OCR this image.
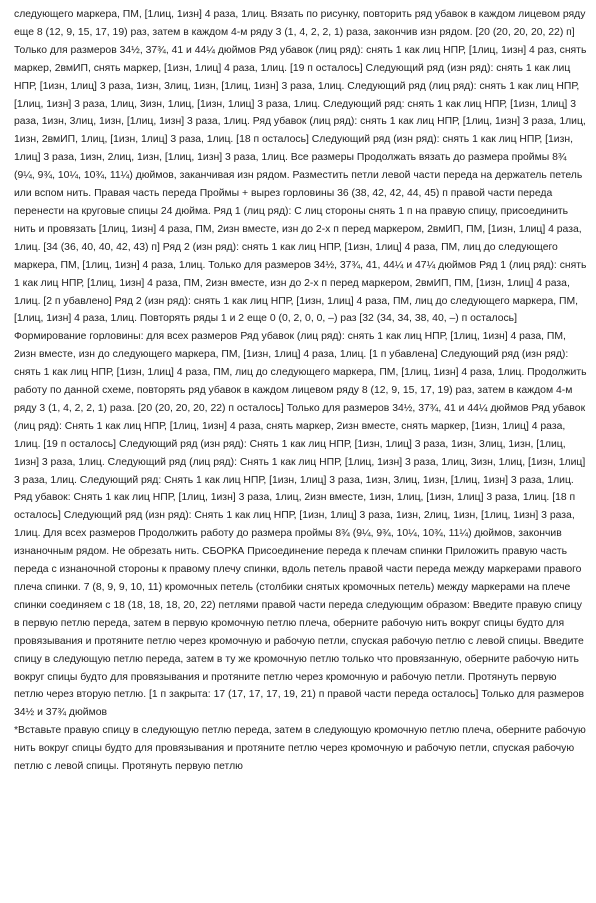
следующего маркера, ПМ, [1лиц, 1изн] 4 раза, 1лиц. Вязать по рисунку, повторить ряд убавок в каждом лицевом ряду еще 8 (12, 9, 15, 17, 19) раз, затем в каждом 4-м ряду 3 (1, 4, 2, 2, 1) раза, закончив изн рядом. [20 (20, 20, 20, 22) п] Только для размеров 34½, 37¾, 41 и 44¼ дюймов Ряд убавок (лиц ряд): снять 1 как лиц НПР, [1лиц, 1изн] 4 раз, снять маркер, 2вмИП, снять маркер, [1изн, 1лиц] 4 раза, 1лиц. [19 п осталось] Следующий ряд (изн ряд): снять 1 как лиц НПР, [1изн, 1лиц] 3 раза, 1изн, 3лиц, 1изн, [1лиц, 1изн] 3 раза, 1лиц. Следующий ряд (лиц ряд): снять 1 как лиц НПР, [1лиц, 1изн] 3 раза, 1лиц, 3изн, 1лиц, [1изн, 1лиц] 3 раза, 1лиц. Следующий ряд: снять 1 как лиц НПР, [1изн, 1лиц] 3 раза, 1изн, 3лиц, 1изн, [1лиц, 1изн] 3 раза, 1лиц. Ряд убавок (лиц ряд): снять 1 как лиц НПР, [1лиц, 1изн] 3 раза, 1лиц, 1изн, 2вмИП, 1лиц, [1изн, 1лиц] 3 раза, 1лиц. [18 п осталось] Следующий ряд (изн ряд): снять 1 как лиц НПР, [1изн, 1лиц] 3 раза, 1изн, 2лиц, 1изн, [1лиц, 1изн] 3 раза, 1лиц. Все размеры Продолжать вязать до размера проймы 8¾ (9¼, 9¾, 10¼, 10¾, 11¼) дюймов, заканчивая изн рядом. Разместить петли левой части переда на держатель петель или вспом нить. Правая часть переда Проймы + вырез горловины 36 (38, 42, 42, 44, 45) п правой части переда перенести на круговые спицы 24 дюйма. Ряд 1 (лиц ряд): С лиц стороны снять 1 п на правую спицу, присоединить нить и провязать [1лиц, 1изн] 4 раза, ПМ, 2изн вместе, изн до 2-х п перед маркером, 2вмИП, ПМ, [1изн, 1лиц] 4 раза, 1лиц. [34 (36, 40, 40, 42, 43) п] Ряд 2 (изн ряд): снять 1 как лиц НПР, [1изн, 1лиц] 4 раза, ПМ, лиц до следующего маркера, ПМ, [1лиц, 1изн] 4 раза, 1лиц. Только для размеров 34½, 37¾, 41, 44¼ и 47¼ дюймов Ряд 1 (лиц ряд): снять 1 как лиц НПР, [1лиц, 1изн] 4 раза, ПМ, 2изн вместе, изн до 2-х п перед маркером, 2вмИП, ПМ, [1изн, 1лиц] 4 раза, 1лиц. [2 п убавлено] Ряд 2 (изн ряд): снять 1 как лиц НПР, [1изн, 1лиц] 4 раза, ПМ, лиц до следующего маркера, ПМ, [1лиц, 1изн] 4 раза, 1лиц. Повторять ряды 1 и 2 еще 0 (0, 2, 0, 0, –) раз [32 (34, 34, 38, 40, –) п осталось] Формирование горловины: для всех размеров Ряд убавок (лиц ряд): снять 1 как лиц НПР, [1лиц, 1изн] 4 раза, ПМ, 2изн вместе, изн до следующего маркера, ПМ, [1изн, 1лиц] 4 раза, 1лиц. [1 п убавлена] Следующий ряд (изн ряд): снять 1 как лиц НПР, [1изн, 1лиц] 4 раза, ПМ, лиц до следующего маркера, ПМ, [1лиц, 1изн] 4 раза, 1лиц. Продолжить работу по данной схеме, повторять ряд убавок в каждом лицевом ряду 8 (12, 9, 15, 17, 19) раз, затем в каждом 4-м ряду 3 (1, 4, 2, 2, 1) раза. [20 (20, 20, 20, 22) п осталось] Только для размеров 34½, 37¾, 41 и 44¼ дюймов Ряд убавок (лиц ряд): Снять 1 как лиц НПР, [1лиц, 1изн] 4 раза, снять маркер, 2изн вместе, снять маркер, [1изн, 1лиц] 4 раза, 1лиц. [19 п осталось] Следующий ряд (изн ряд): Снять 1 как лиц НПР, [1изн, 1лиц] 3 раза, 1изн, 3лиц, 1изн, [1лиц, 1изн] 3 раза, 1лиц. Следующий ряд (лиц ряд): Снять 1 как лиц НПР, [1лиц, 1изн] 3 раза, 1лиц, 3изн, 1лиц, [1изн, 1лиц] 3 раза, 1лиц. Следующий ряд: Снять 1 как лиц НПР, [1изн, 1лиц] 3 раза, 1изн, 3лиц, 1изн, [1лиц, 1изн] 3 раза, 1лиц. Ряд убавок: Снять 1 как лиц НПР, [1лиц, 1изн] 3 раза, 1лиц, 2изн вместе, 1изн, 1лиц, [1изн, 1лиц] 3 раза, 1лиц. [18 п осталось] Следующий ряд (изн ряд): Снять 1 как лиц НПР, [1изн, 1лиц] 3 раза, 1изн, 2лиц, 1изн, [1лиц, 1изн] 3 раза, 1лиц. Для всех размеров Продолжить работу до размера проймы 8¾ (9¼, 9¾, 10¼, 10¾, 11¼) дюймов, закончив изнаночным рядом. Не обрезать нить. СБОРКА Присоединение переда к плечам спинки Приложить правую часть переда с изнаночной стороны к правому плечу спинки, вдоль петель правой части переда между маркерами правого плеча спинки. 7 (8, 9, 9, 10, 11) кромочных петель (столбики снятых кромочных петель) между маркерами на плече спинки соединяем с 18 (18, 18, 18, 20, 22) петлями правой части переда следующим образом: Введите правую спицу в первую петлю переда, затем в первую кромочную петлю плеча, оберните рабочую нить вокруг спицы будто для провязывания и протяните петлю через кромочную и рабочую петли, спуская рабочую петлю с левой спицы. Введите спицу в следующую петлю переда, затем в ту же кромочную петлю только что провязанную, оберните рабочую нить вокруг спицы будто для провязывания и протяните петлю через кромочную и рабочую петли. Протянуть первую петлю через вторую петлю. [1 п закрыта: 17 (17, 17, 17, 19, 21) п правой части переда осталось] Только для размеров 34½ и 37¾ дюймов

*Вставьте правую спицу в следующую петлю переда, затем в следующую кромочную петлю плеча, оберните рабочую нить вокруг спицы будто для провязывания и протяните петлю через кромочную и рабочую петли, спуская рабочую петлю с левой спицы. Протянуть первую петлю
